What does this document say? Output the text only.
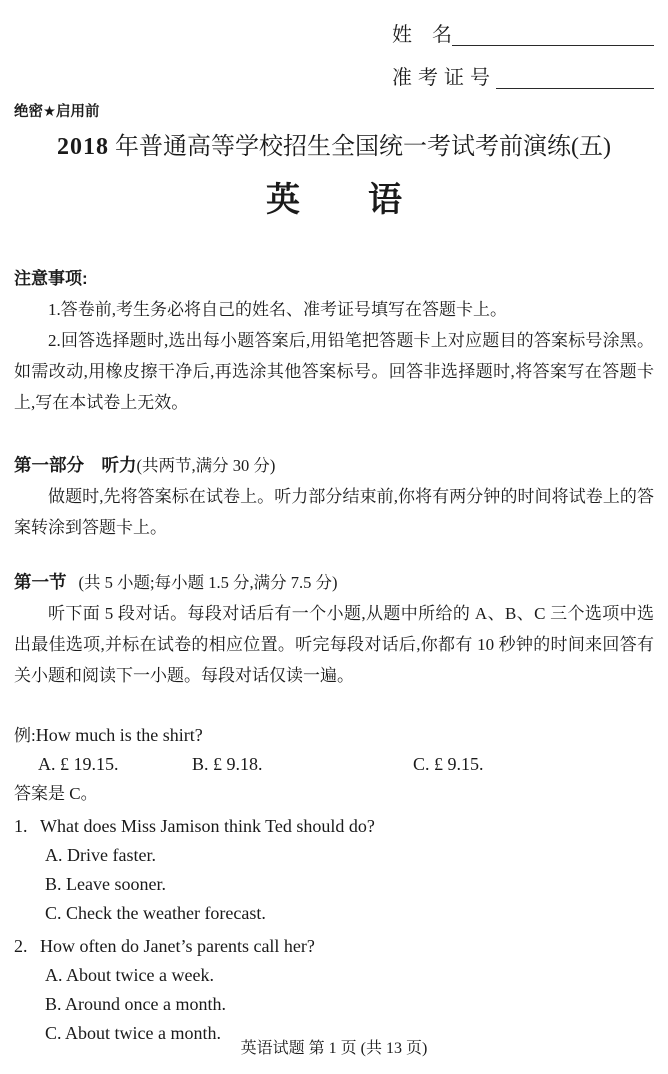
姓　名
准考证号
绝密★启用前
2018 年普通高等学校招生全国统一考试考前演练(五)
英　　语
注意事项:

1.答卷前,考生务必将自己的姓名、准考证号填写在答题卡上。

2.回答选择题时,选出每小题答案后,用铅笔把答题卡上对应题目的答案标号涂黑。如需改动,用橡皮擦干净后,再选涂其他答案标号。回答非选择题时,将答案写在答题卡上,写在本试卷上无效。

第一部分　听力(共两节,满分 30 分)

做题时,先将答案标在试卷上。听力部分结束前,你将有两分钟的时间将试卷上的答案转涂到答题卡上。

第一节 (共 5 小题;每小题 1.5 分,满分 7.5 分)

听下面 5 段对话。每段对话后有一个小题,从题中所给的 A、B、C 三个选项中选出最佳选项,并标在试卷的相应位置。听完每段对话后,你都有 10 秒钟的时间来回答有关小题和阅读下一小题。每段对话仅读一遍。

例:How much is the shirt?
A. £ 19.15.	B. £ 9.18.	C. £ 9.15.
答案是 C。
1. What does Miss Jamison think Ted should do?
A. Drive faster.
B. Leave sooner.
C. Check the weather forecast.
2. How often do Janet’s parents call her?
A. About twice a week.
B. Around once a month.
C. About twice a month.
英语试题 第 1 页 (共 13 页)
